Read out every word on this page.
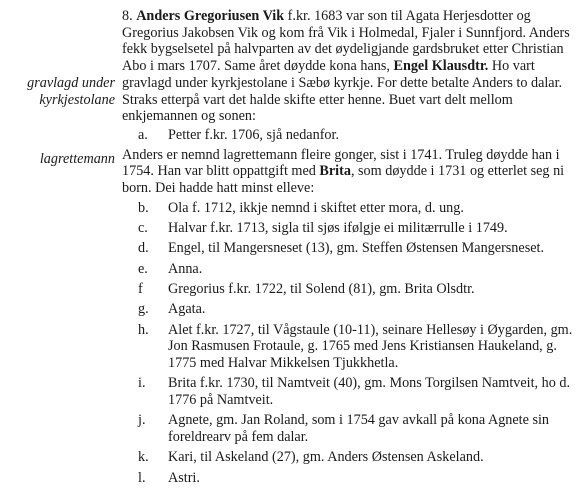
gravlagd under
kyrkjestolane
lagrettemann

8. Anders Gregoriusen Vik f.kr. 1683 var son til Agata Herjesdotter og Gregorius Jakobsen Vik og kom frå Vik i Holmedal, Fjaler i Sunnfjord. Anders fekk bygselsetel på halvparten av det øydeligjande gardsbruket etter Christian Abo i mars 1707. Same året døydde kona hans, Engel Klausdtr. Ho vart gravlagd under kyrkjestolane i Sæbø kyrkje. For dette betalte Anders to dalar. Straks etterpå vart det halde skifte etter henne. Buet vart delt mellom enkjemannen og sonen:

a.	Petter f.kr. 1706, sjå nedanfor.

Anders er nemnd lagrettemann fleire gonger, sist i 1741. Truleg døydde han i 1754. Han var blitt oppattgift med Brita, som døydde i 1731 og etterlet seg ni born. Dei hadde hatt minst elleve:

b.	Ola f. 1712, ikkje nemnd i skiftet etter mora, d. ung.
c.	Halvar f.kr. 1713, sigla til sjøs ifølgje ei militærrulle i 1749.
d.	Engel, til Mangersneset (13), gm. Steffen Østensen Mangersneset.
e.	Anna.
f	Gregorius f.kr. 1722, til Solend (81), gm. Brita Olsdtr.
g.	Agata.
h.	Alet f.kr. 1727, til Vågstaule (10-11), seinare Hellesøy i Øygarden, gm. Jon Rasmusen Frotaule, g. 1765 med Jens Kristiansen Haukeland, g. 1775 med Halvar Mikkelsen Tjukkhetla.
i.	Brita f.kr. 1730, til Namtveit (40), gm. Mons Torgilsen Namtveit, ho d. 1776 på Namtveit.
j.	Agnete, gm. Jan Roland, som i 1754 gav avkall på kona Agnete sin foreldrearv på fem dalar.
k.	Kari, til Askeland (27), gm. Anders Østensen Askeland.
l.	Astri.
